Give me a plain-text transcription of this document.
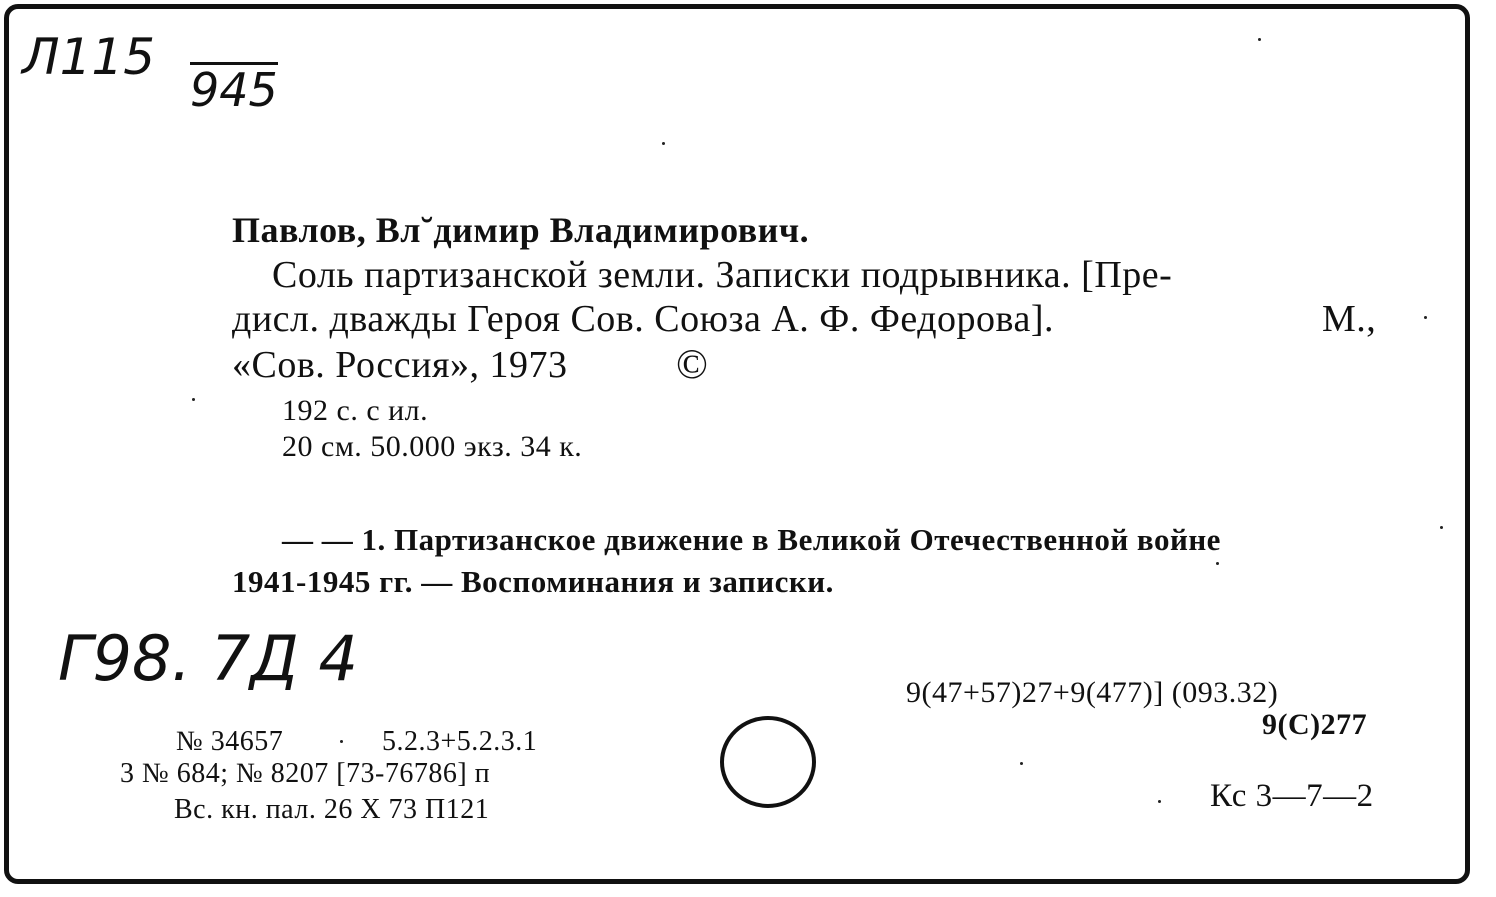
Л115
945
Г98. 7Д 4
Павлов, Вл˘димир Владимирович.
Соль партизанской земли. Записки подрывника. [Пре-
дисл. дважды Героя Сов. Союза А. Ф. Федорова].	М.,
«Сов. Россия», 1973	©
192 с. с ил.
20 см. 50.000 экз. 34 к.
— — 1. Партизанское движение в Великой Отечественной войне
1941-1945 гг. — Воспоминания и записки.
9(47+57)27+9(477)] (093.32)
9(С)277
Кс 3—7—2
№ 34657	5.2.3+5.2.3.1
3 № 684; № 8207 [73-76786] п
Вс. кн. пал. 26 Х 73 П121
